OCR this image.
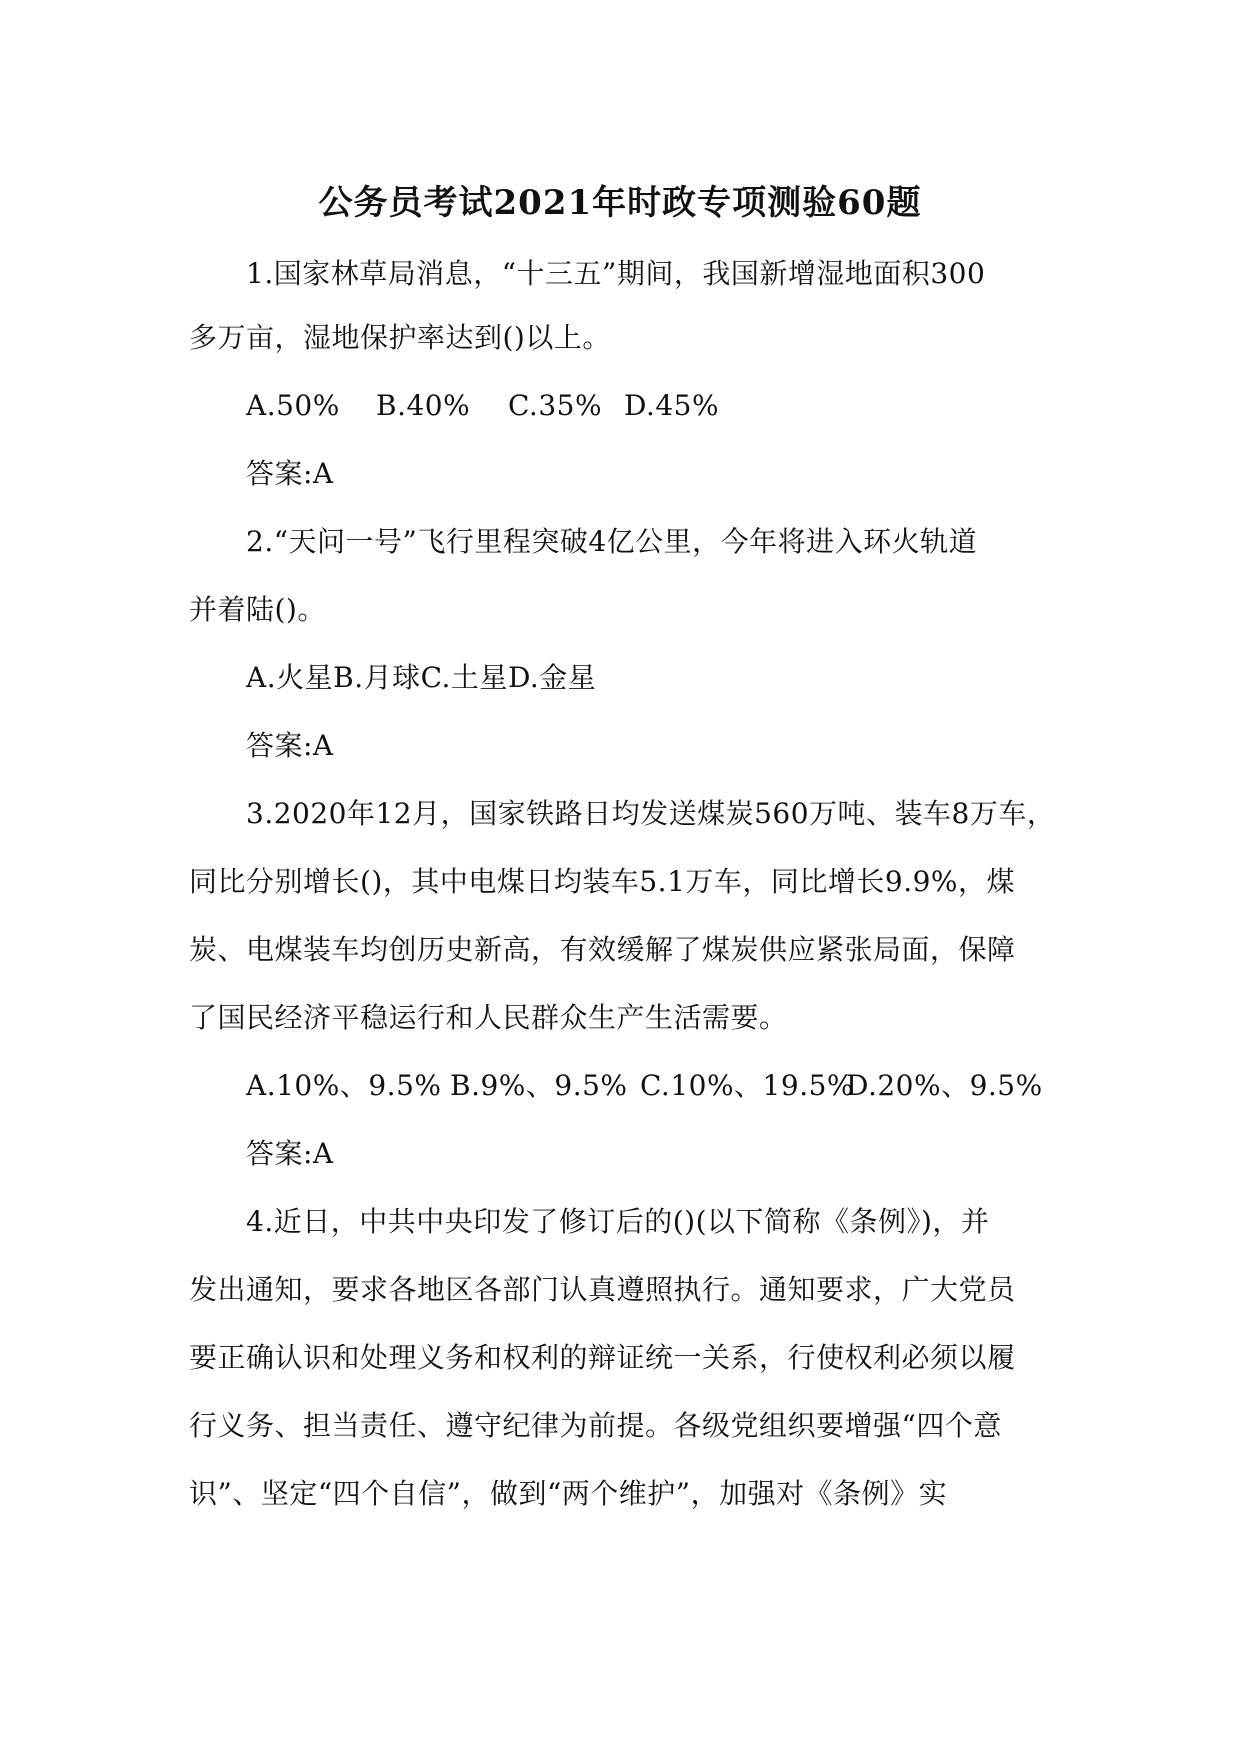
公务员考试2021年时政专项测验60题
1.国家林草局消息，“十三五”期间，我国新增湿地面积300
多万亩，湿地保护率达到()以上。
A.50% B.40% C.35% D.45%
答案:A
2.“天问一号”飞行里程突破4亿公里，今年将进入环火轨道
并着陆()。
A.火星B.月球C.土星D.金星
答案:A
3.2020年12月，国家铁路日均发送煤炭560万吨、装车8万车，
同比分别增长()，其中电煤日均装车5.1万车，同比增长9.9%，煤
炭、电煤装车均创历史新高，有效缓解了煤炭供应紧张局面，保障
了国民经济平稳运行和人民群众生产生活需要。
A.10%、9.5% B.9%、9.5% C.10%、19.5%D.20%、9.5%
答案:A
4.近日，中共中央印发了修订后的()(以下简称《条例》)，并
发出通知，要求各地区各部门认真遵照执行。通知要求，广大党员
要正确认识和处理义务和权利的辩证统一关系，行使权利必须以履
行义务、担当责任、遵守纪律为前提。各级党组织要增强“四个意
识”、坚定“四个自信”，做到“两个维护”，加强对《条例》实
